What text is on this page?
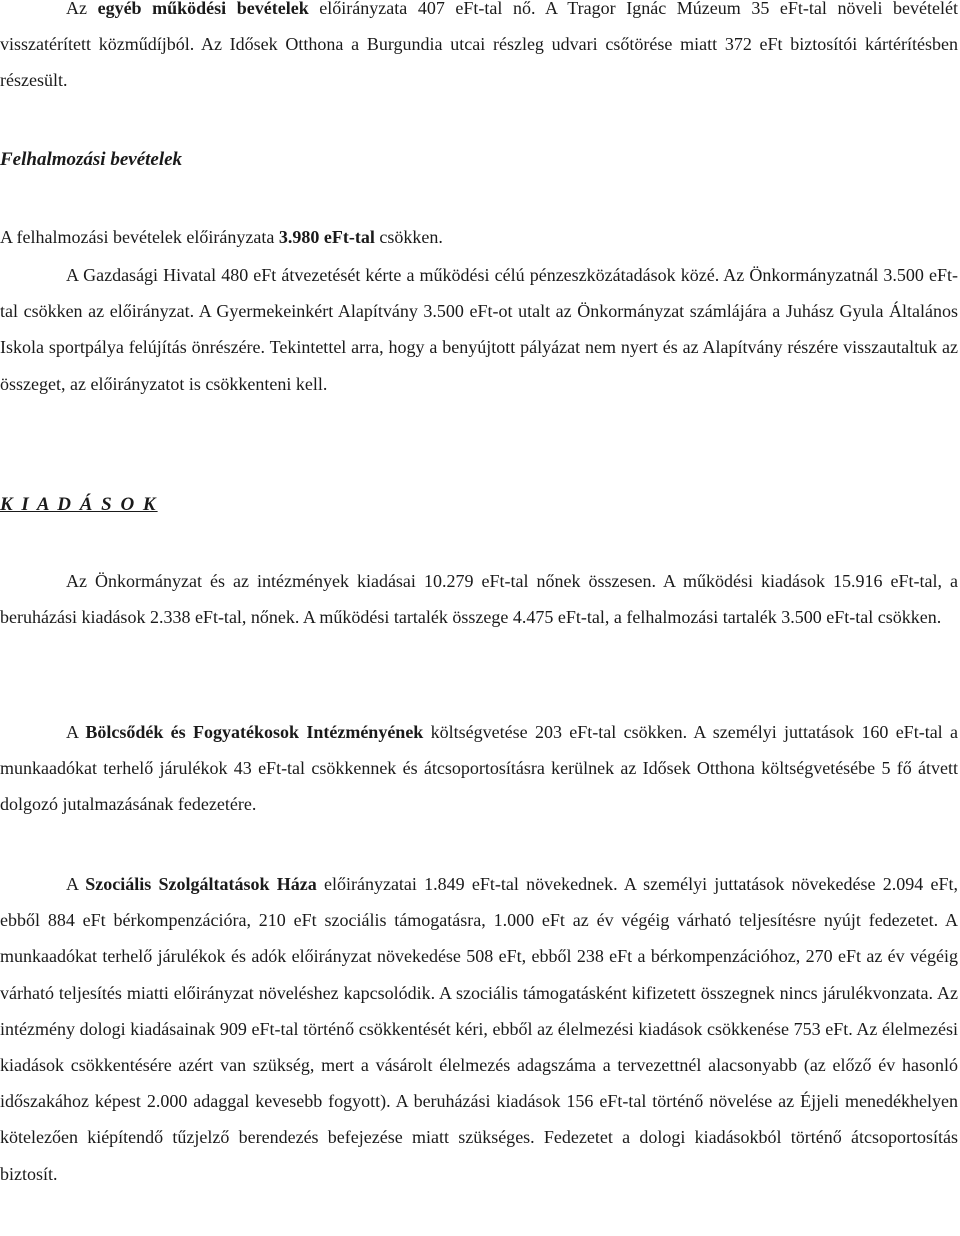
Az egyéb működési bevételek előirányzata 407 eFt-tal nő. A Tragor Ignác Múzeum 35 eFt-tal növeli bevételét visszatérített közműdíjból. Az Idősek Otthona a Burgundia utcai részleg udvari csőtörése miatt 372 eFt biztosítói kártérítésben részesült.

Felhalmozási bevételek

A felhalmozási bevételek előirányzata 3.980 eFt-tal csökken.

A Gazdasági Hivatal 480 eFt átvezetését kérte a működési célú pénzeszközátadások közé. Az Önkormányzatnál 3.500 eFt-tal csökken az előirányzat. A Gyermekeinkért Alapítvány 3.500 eFt-ot utalt az Önkormányzat számlájára a Juhász Gyula Általános Iskola sportpálya felújítás önrészére. Tekintettel arra, hogy a benyújtott pályázat nem nyert és az Alapítvány részére visszautaltuk az összeget, az előirányzatot is csökkenteni kell.

K I A D Á S O K

Az Önkormányzat és az intézmények kiadásai 10.279 eFt-tal nőnek összesen. A működési kiadások 15.916 eFt-tal, a beruházási kiadások 2.338 eFt-tal, nőnek. A működési tartalék összege 4.475 eFt-tal, a felhalmozási tartalék 3.500 eFt-tal csökken.

A Bölcsődék és Fogyatékosok Intézményének költségvetése 203 eFt-tal csökken. A személyi juttatások 160 eFt-tal a munkaadókat terhelő járulékok 43 eFt-tal csökkennek és átcsoportosításra kerülnek az Idősek Otthona költségvetésébe 5 fő átvett dolgozó jutalmazásának fedezetére.

A Szociális Szolgáltatások Háza előirányzatai 1.849 eFt-tal növekednek. A személyi juttatások növekedése 2.094 eFt, ebből 884 eFt bérkompenzációra, 210 eFt szociális támogatásra, 1.000 eFt az év végéig várható teljesítésre nyújt fedezetet. A munkaadókat terhelő járulékok és adók előirányzat növekedése 508 eFt, ebből 238 eFt a bérkompenzációhoz, 270 eFt az év végéig várható teljesítés miatti előirányzat növeléshez kapcsolódik. A szociális támogatásként kifizetett összegnek nincs járulékvonzata. Az intézmény dologi kiadásainak 909 eFt-tal történő csökkentését kéri, ebből az élelmezési kiadások csökkenése 753 eFt. Az élelmezési kiadások csökkentésére azért van szükség, mert a vásárolt élelmezés adagszáma a tervezettnél alacsonyabb (az előző év hasonló időszakához képest 2.000 adaggal kevesebb fogyott). A beruházási kiadások 156 eFt-tal történő növelése az Éjjeli menedékhelyen kötelezően kiépítendő tűzjelző berendezés befejezése miatt szükséges. Fedezetet a dologi kiadásokból történő átcsoportosítás biztosít.
